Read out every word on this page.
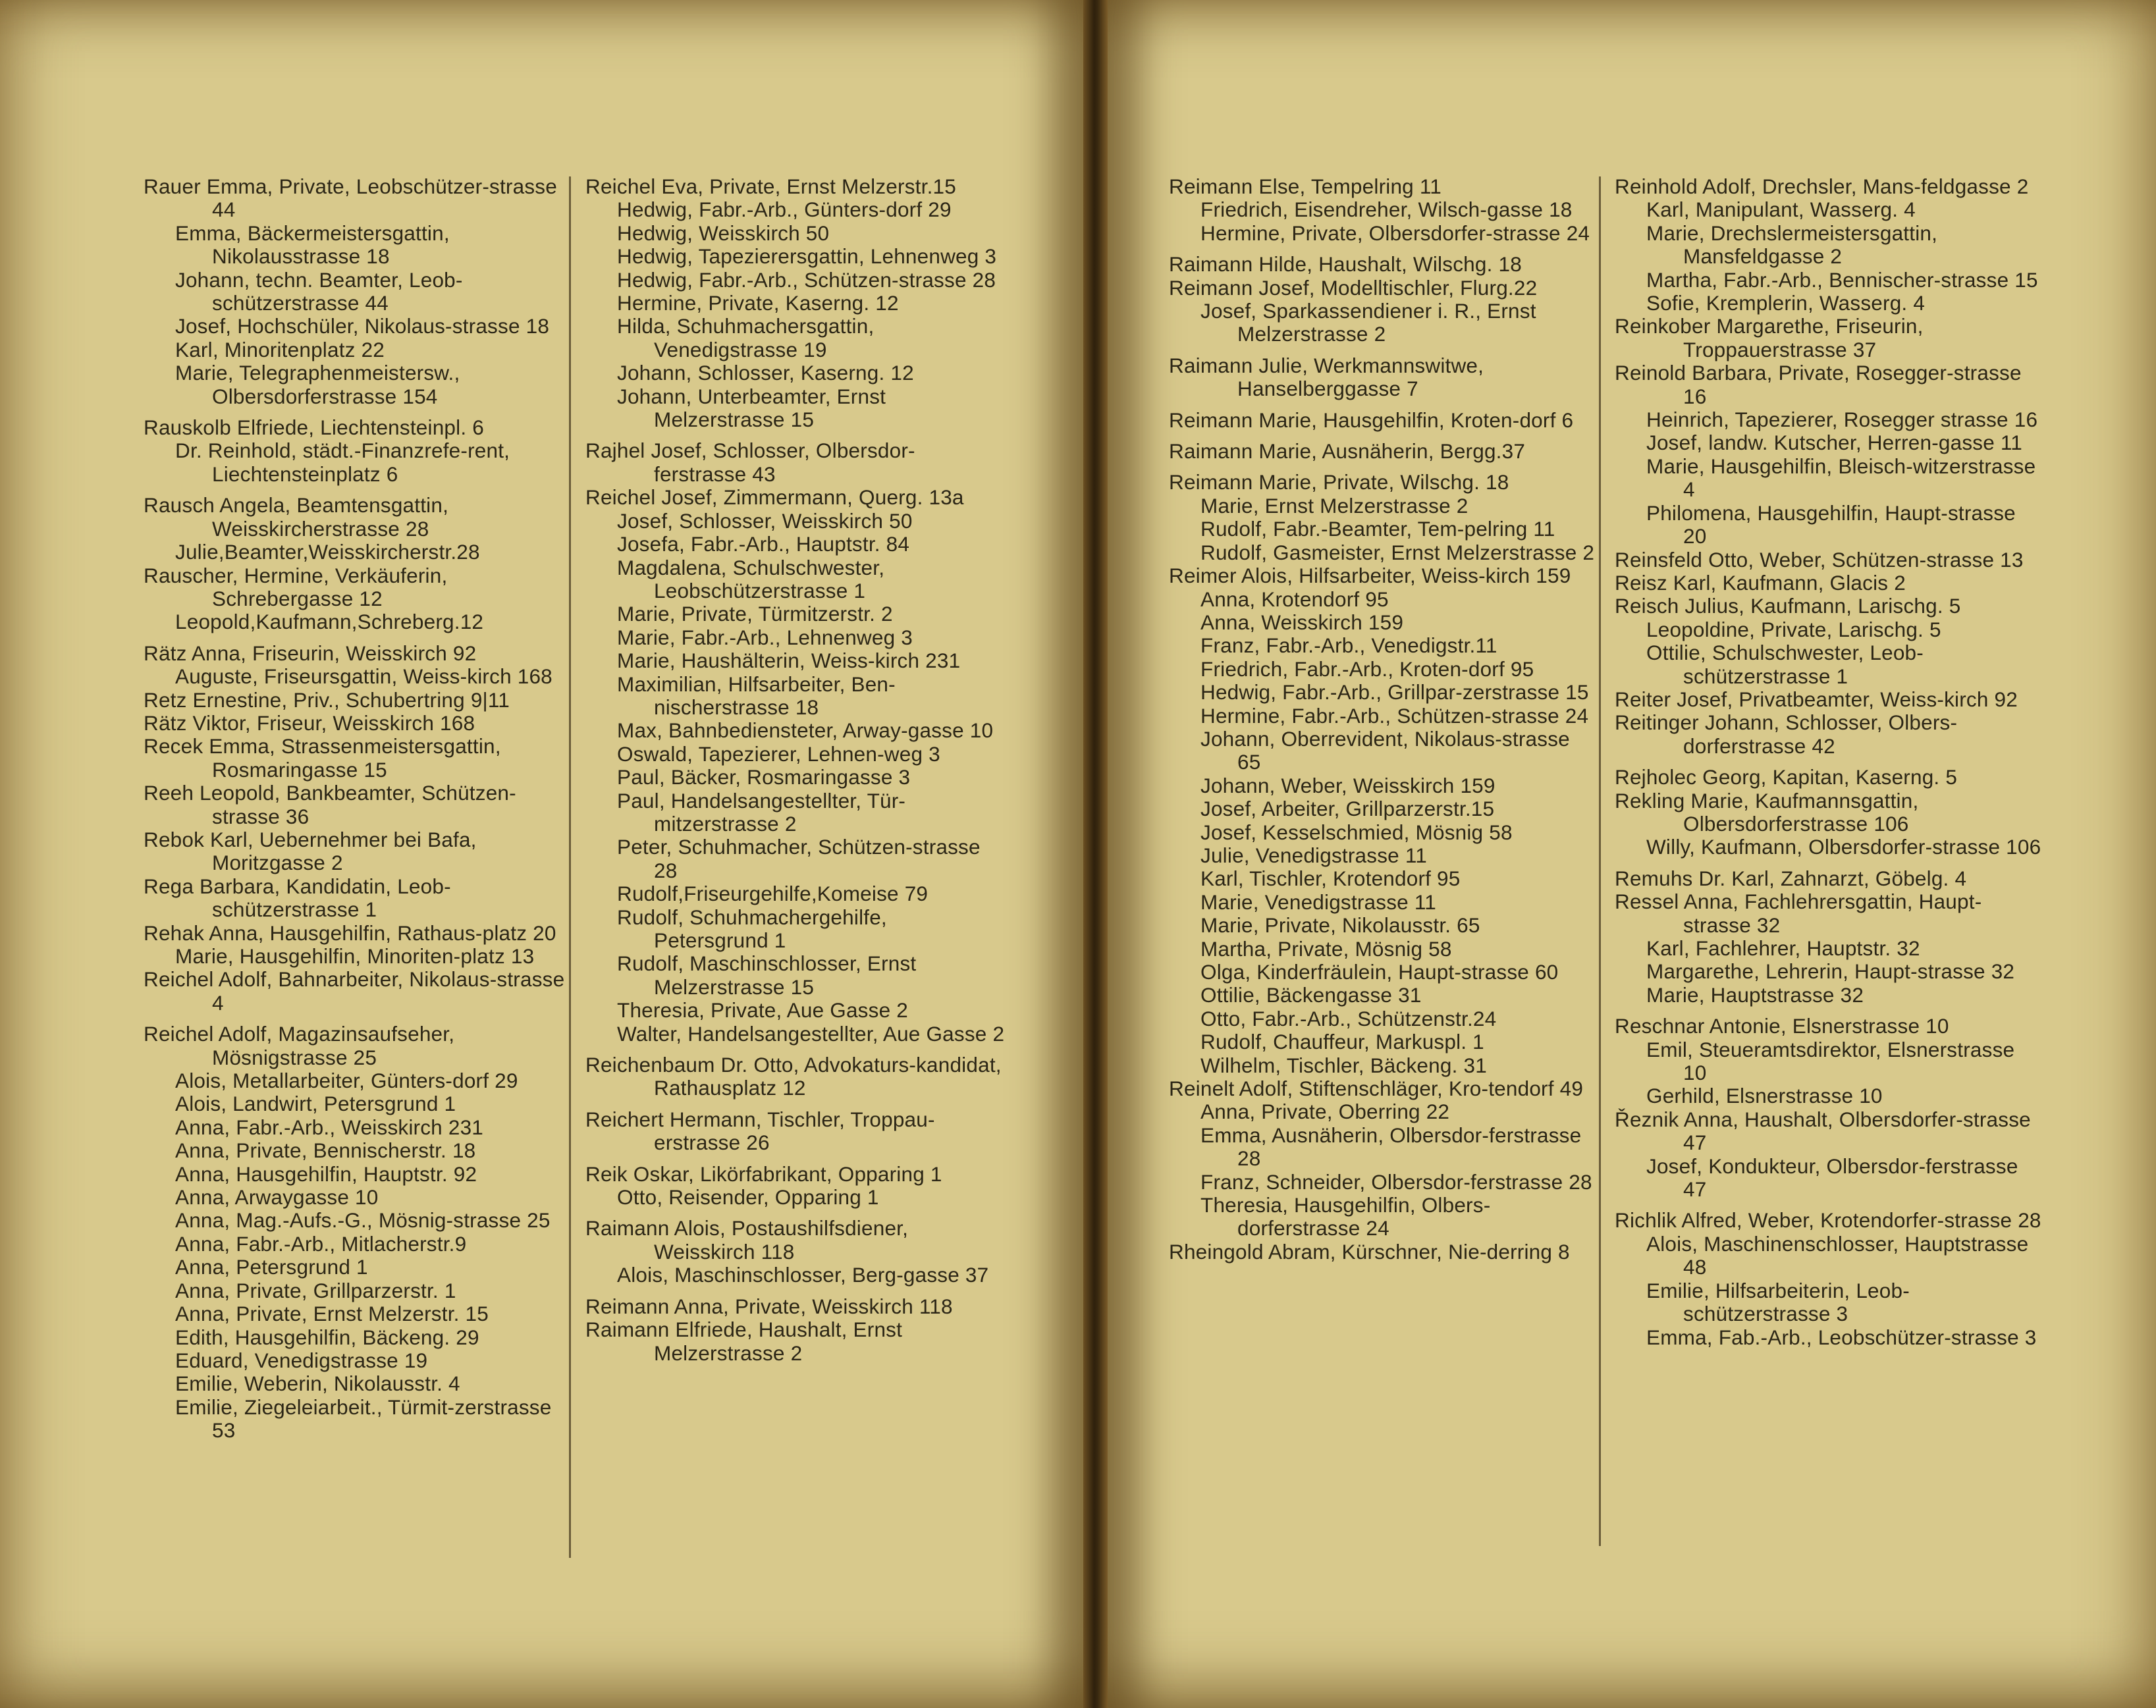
Rauer Emma, Private, Leobschützer-strasse 44
Emma, Bäckermeistersgattin, Nikolausstrasse 18
Johann, techn. Beamter, Leob-schützerstrasse 44
Josef, Hochschüler, Nikolaus-strasse 18
Karl, Minoritenplatz 22
Marie, Telegraphenmeistersw., Olbersdorferstrasse 154
Rauskolb Elfriede, Liechtensteinpl. 6
Dr. Reinhold, städt.-Finanzrefe-rent, Liechtensteinplatz 6
Rausch Angela, Beamtensgattin, Weisskircherstrasse 28
Julie,Beamter,Weisskircherstr.28
Rauscher, Hermine, Verkäuferin, Schrebergasse 12
Leopold,Kaufmann,Schreberg.12
Rätz Anna, Friseurin, Weisskirch 92
Auguste, Friseursgattin, Weiss-kirch 168
Retz Ernestine, Priv., Schubertring 9|11
Rätz Viktor, Friseur, Weisskirch 168
Recek Emma, Strassenmeistersgattin, Rosmaringasse 15
Reeh Leopold, Bankbeamter, Schützen-strasse 36
Rebok Karl, Uebernehmer bei Bafa, Moritzgasse 2
Rega Barbara, Kandidatin, Leob-schützerstrasse 1
Rehak Anna, Hausgehilfin, Rathaus-platz 20
Marie, Hausgehilfin, Minoriten-platz 13
Reichel Adolf, Bahnarbeiter, Nikolaus-strasse 4
Reichel Adolf, Magazinsaufseher, Mösnigstrasse 25
Alois, Metallarbeiter, Günters-dorf 29
Alois, Landwirt, Petersgrund 1
Anna, Fabr.-Arb., Weisskirch 231
Anna, Private, Bennischerstr. 18
Anna, Hausgehilfin, Hauptstr. 92
Anna, Arwaygasse 10
Anna, Mag.-Aufs.-G., Mösnig-strasse 25
Anna, Fabr.-Arb., Mitlacherstr.9
Anna, Petersgrund 1
Anna, Private, Grillparzerstr. 1
Anna, Private, Ernst Melzerstr. 15
Edith, Hausgehilfin, Bäckeng. 29
Eduard, Venedigstrasse 19
Emilie, Weberin, Nikolausstr. 4
Emilie, Ziegeleiarbeit., Türmit-zerstrasse 53
Reichel Eva, Private, Ernst Melzerstr.15
Hedwig, Fabr.-Arb., Günters-dorf 29
Hedwig, Weisskirch 50
Hedwig, Tapezierersgattin, Lehnenweg 3
Hedwig, Fabr.-Arb., Schützen-strasse 28
Hermine, Private, Kaserng. 12
Hilda, Schuhmachersgattin, Venedigstrasse 19
Johann, Schlosser, Kaserng. 12
Johann, Unterbeamter, Ernst Melzerstrasse 15
Rajhel Josef, Schlosser, Olbersdor-ferstrasse 43
Reichel Josef, Zimmermann, Querg. 13a
Josef, Schlosser, Weisskirch 50
Josefa, Fabr.-Arb., Hauptstr. 84
Magdalena, Schulschwester, Leobschützerstrasse 1
Marie, Private, Türmitzerstr. 2
Marie, Fabr.-Arb., Lehnenweg 3
Marie, Haushälterin, Weiss-kirch 231
Maximilian, Hilfsarbeiter, Ben-nischerstrasse 18
Max, Bahnbediensteter, Arway-gasse 10
Oswald, Tapezierer, Lehnen-weg 3
Paul, Bäcker, Rosmaringasse 3
Paul, Handelsangestellter, Tür-mitzerstrasse 2
Peter, Schuhmacher, Schützen-strasse 28
Rudolf,Friseurgehilfe,Komeise 79
Rudolf, Schuhmachergehilfe, Petersgrund 1
Rudolf, Maschinschlosser, Ernst Melzerstrasse 15
Theresia, Private, Aue Gasse 2
Walter, Handelsangestellter, Aue Gasse 2
Reichenbaum Dr. Otto, Advokaturs-kandidat, Rathausplatz 12
Reichert Hermann, Tischler, Troppau-erstrasse 26
Reik Oskar, Likörfabrikant, Opparing 1
Otto, Reisender, Opparing 1
Raimann Alois, Postaushilfsdiener, Weisskirch 118
Alois, Maschinschlosser, Berg-gasse 37
Reimann Anna, Private, Weisskirch 118
Raimann Elfriede, Haushalt, Ernst Melzerstrasse 2
Reimann Else, Tempelring 11
Friedrich, Eisendreher, Wilsch-gasse 18
Hermine, Private, Olbersdorfer-strasse 24
Raimann Hilde, Haushalt, Wilschg. 18
Reimann Josef, Modelltischler, Flurg.22
Josef, Sparkassendiener i. R., Ernst Melzerstrasse 2
Raimann Julie, Werkmannswitwe, Hanselberggasse 7
Reimann Marie, Hausgehilfin, Kroten-dorf 6
Raimann Marie, Ausnäherin, Bergg.37
Reimann Marie, Private, Wilschg. 18
Marie, Ernst Melzerstrasse 2
Rudolf, Fabr.-Beamter, Tem-pelring 11
Rudolf, Gasmeister, Ernst Melzerstrasse 2
Reimer Alois, Hilfsarbeiter, Weiss-kirch 159
Anna, Krotendorf 95
Anna, Weisskirch 159
Franz, Fabr.-Arb., Venedigstr.11
Friedrich, Fabr.-Arb., Kroten-dorf 95
Hedwig, Fabr.-Arb., Grillpar-zerstrasse 15
Hermine, Fabr.-Arb., Schützen-strasse 24
Johann, Oberrevident, Nikolaus-strasse 65
Johann, Weber, Weisskirch 159
Josef, Arbeiter, Grillparzerstr.15
Josef, Kesselschmied, Mösnig 58
Julie, Venedigstrasse 11
Karl, Tischler, Krotendorf 95
Marie, Venedigstrasse 11
Marie, Private, Nikolausstr. 65
Martha, Private, Mösnig 58
Olga, Kinderfräulein, Haupt-strasse 60
Ottilie, Bäckengasse 31
Otto, Fabr.-Arb., Schützenstr.24
Rudolf, Chauffeur, Markuspl. 1
Wilhelm, Tischler, Bäckeng. 31
Reinelt Adolf, Stiftenschläger, Kro-tendorf 49
Anna, Private, Oberring 22
Emma, Ausnäherin, Olbersdor-ferstrasse 28
Franz, Schneider, Olbersdor-ferstrasse 28
Theresia, Hausgehilfin, Olbers-dorferstrasse 24
Rheingold Abram, Kürschner, Nie-derring 8
Reinhold Adolf, Drechsler, Mans-feldgasse 2
Karl, Manipulant, Wasserg. 4
Marie, Drechslermeistersgattin, Mansfeldgasse 2
Martha, Fabr.-Arb., Bennischer-strasse 15
Sofie, Kremplerin, Wasserg. 4
Reinkober Margarethe, Friseurin, Troppauerstrasse 37
Reinold Barbara, Private, Rosegger-strasse 16
Heinrich, Tapezierer, Rosegger strasse 16
Josef, landw. Kutscher, Herren-gasse 11
Marie, Hausgehilfin, Bleisch-witzerstrasse 4
Philomena, Hausgehilfin, Haupt-strasse 20
Reinsfeld Otto, Weber, Schützen-strasse 13
Reisz Karl, Kaufmann, Glacis 2
Reisch Julius, Kaufmann, Larischg. 5
Leopoldine, Private, Larischg. 5
Ottilie, Schulschwester, Leob-schützerstrasse 1
Reiter Josef, Privatbeamter, Weiss-kirch 92
Reitinger Johann, Schlosser, Olbers-dorferstrasse 42
Rejholec Georg, Kapitan, Kaserng. 5
Rekling Marie, Kaufmannsgattin, Olbersdorferstrasse 106
Willy, Kaufmann, Olbersdorfer-strasse 106
Remuhs Dr. Karl, Zahnarzt, Göbelg. 4
Ressel Anna, Fachlehrersgattin, Haupt-strasse 32
Karl, Fachlehrer, Hauptstr. 32
Margarethe, Lehrerin, Haupt-strasse 32
Marie, Hauptstrasse 32
Reschnar Antonie, Elsnerstrasse 10
Emil, Steueramtsdirektor, Elsnerstrasse 10
Gerhild, Elsnerstrasse 10
Řeznik Anna, Haushalt, Olbersdorfer-strasse 47
Josef, Kondukteur, Olbersdor-ferstrasse 47
Richlik Alfred, Weber, Krotendorfer-strasse 28
Alois, Maschinenschlosser, Hauptstrasse 48
Emilie, Hilfsarbeiterin, Leob-schützerstrasse 3
Emma, Fab.-Arb., Leobschützer-strasse 3
